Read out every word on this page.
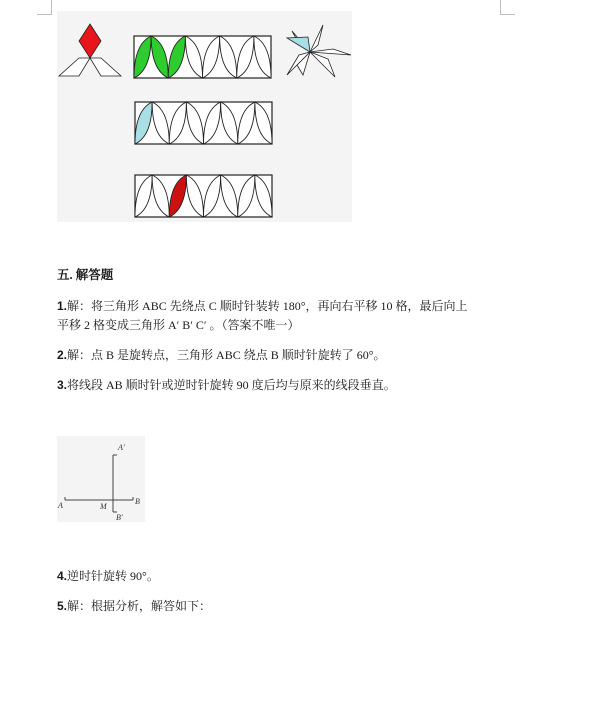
五. 解答题
1.解：将三角形 ABC 先绕点 C 顺时针装转 180°，再向右平移 10 格，最后向上
平移 2 格变成三角形 A′ B′ C′ 。（答案不唯一）
2.解：点 B 是旋转点，三角形 ABC 绕点 B 顺时针旋转了 60°。
3.将线段 AB 顺时针或逆时针旋转 90 度后均与原来的线段垂直。
A′
A	M
B
B′
4.逆时针旋转 90°。
5.解：根据分析，解答如下：
